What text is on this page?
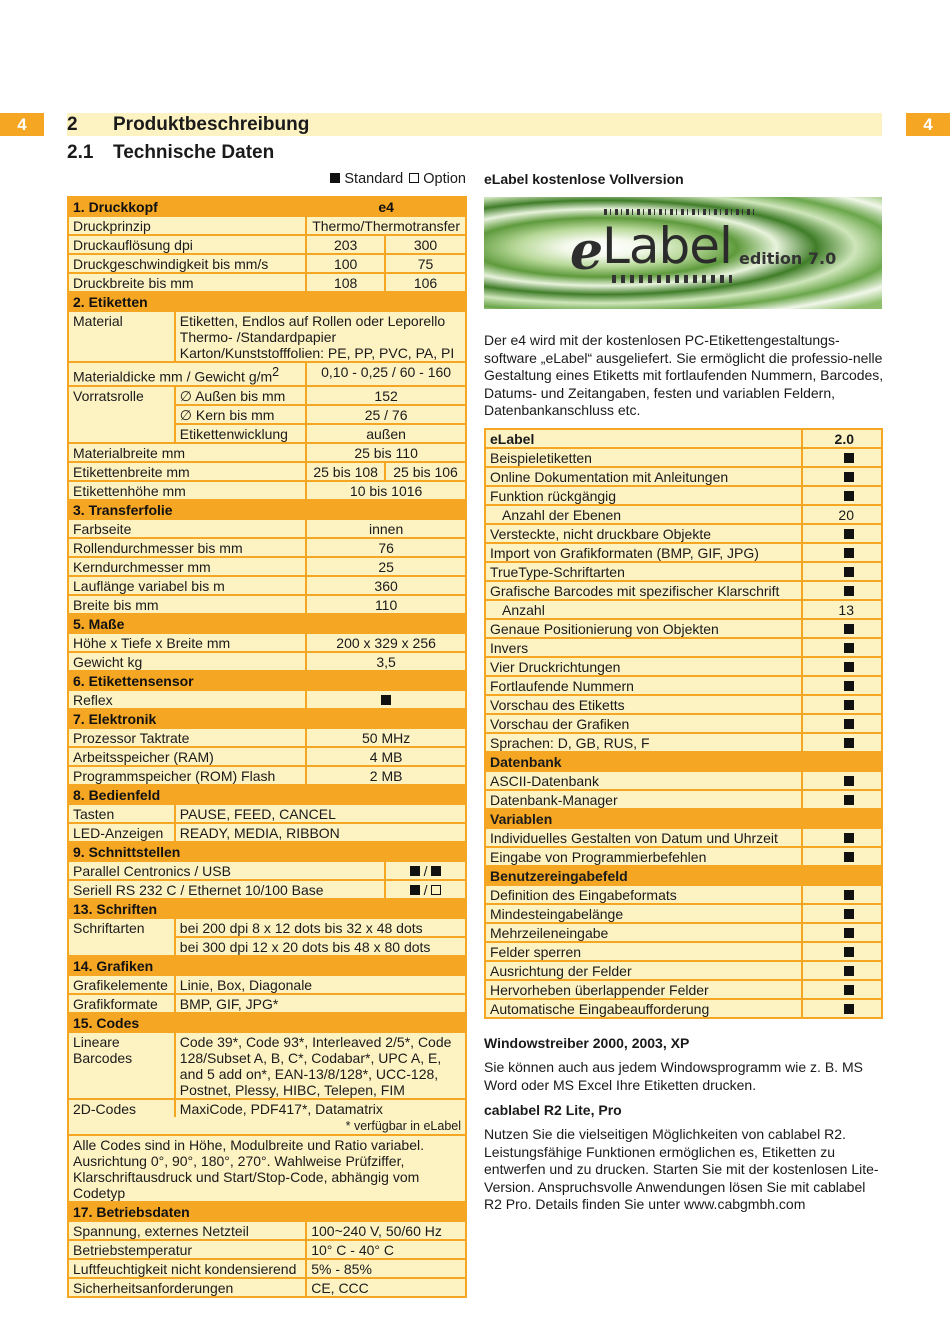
4	4
2 Produktbeschreibung
2.1 Technische Daten
Standard Option
1. Druckkopf		e4	
Druckprinzip		Thermo/Thermotransfer	
Druckauflösung dpi		203	300
Druckgeschwindigkeit bis mm/s		100	75
Druckbreite bis mm		108	106
2. Etiketten			
Material	Etiketten, Endlos auf Rollen oder Leporello
Thermo- /Standardpapier
Karton/Kunststofffolien: PE, PP, PVC, PA, PI		

Materialdicke mm / Gewicht $g/m^2$		0,10 - 0,25 / 60 - 160	
Vorratsrolle	∅ Außen bis mm	152	
	∅ Kern bis mm	25 / 76	
	Etikettenwicklung	außen	
Materialbreite mm		25 bis 110	
Etikettenbreite mm		25 bis 108	25 bis 106
Etikettenhöhe mm		10 bis 1016	
3. Transferfolie			
Farbseite		innen	
Rollendurchmesser bis mm		76	
Kerndurchmesser mm		25	
Lauflänge variabel bis m		360	
Breite bis mm		110	
5. Maße			
Höhe x Tiefe x Breite mm		200 x 329 x 256	
Gewicht kg		3,5	
6. Etikettensensor			
Reflex			
7. Elektronik			
Prozessor Taktrate		50 MHz	
Arbeitsspeicher (RAM)		4 MB	
Programmspeicher (ROM) Flash		2 MB	
8. Bedienfeld			
Tasten	PAUSE, FEED, CANCEL		
LED-Anzeigen	READY, MEDIA, RIBBON		
9. Schnittstellen			
Parallel Centronics / USB			/
Seriell RS 232 C / Ethernet 10/100 Base			/
13. Schriften			
Schriftarten	bei 200 dpi 8 x 12 dots bis 32 x 48 dots		
	bei 300 dpi 12 x 20 dots bis 48 x 80 dots		
14. Grafiken			
Grafikelemente	Linie, Box, Diagonale		
Grafikformate	BMP, GIF, JPG*		
15. Codes			
Lineare Barcodes	Code 39*, Code 93*, Interleaved 2/5*, Code 128/Subset A, B, C*, Codabar*, UPC A, E, and 5 add on*, EAN-13/8/128*, UCC-128, Postnet, Plessy, HIBC, Telepen, FIM		
2D-Codes	MaxiCode, PDF417*, Datamatrix		
* verfügbar in eLabel			
Alle Codes sind in Höhe, Modulbreite und Ratio variabel. Ausrichtung 0°, 90°, 180°, 270°. Wahlweise Prüfziffer, Klarschriftausdruck und Start/Stop-Code, abhängig vom Codetyp			
17. Betriebsdaten			
Spannung, externes Netzteil		100~240 V, 50/60 Hz	
Betriebstemperatur		10° C - 40° C	
Luftfeuchtigkeit nicht kondensierend		5% - 85%	
Sicherheitsanforderungen		CE, CCC	
eLabel kostenlose Vollversion
e
Label edition 7.0
Der e4 wird mit der kostenlosen PC-Etikettengestaltungs-software „eLabel“ ausgeliefert. Sie ermöglicht die professio-nelle Gestaltung eines Etiketts mit fortlaufenden Nummern, Barcodes, Datums- und Zeitangaben, festen und variablen Feldern, Datenbankanschluss etc.
eLabel	2.0
Beispieletiketten	
Online Dokumentation mit Anleitungen	
Funktion rückgängig	
Anzahl der Ebenen	20
Versteckte, nicht druckbare Objekte	
Import von Grafikformaten (BMP, GIF, JPG)	
TrueType-Schriftarten	
Grafische Barcodes mit spezifischer Klarschrift	
Anzahl	13
Genaue Positionierung von Objekten	
Invers	
Vier Druckrichtungen	
Fortlaufende Nummern	
Vorschau des Etiketts	
Vorschau der Grafiken	
Sprachen: D, GB, RUS, F	
Datenbank	
ASCII-Datenbank	
Datenbank-Manager	
Variablen	
Individuelles Gestalten von Datum und Uhrzeit	
Eingabe von Programmierbefehlen	
Benutzereingabefeld	
Definition des Eingabeformats	
Mindesteingabelänge	
Mehrzeileneingabe	
Felder sperren	
Ausrichtung der Felder	
Hervorheben überlappender Felder	
Automatische Eingabeaufforderung	
Windowstreiber 2000, 2003, XP
Sie können auch aus jedem Windowsprogramm wie z. B. MS Word oder MS Excel Ihre Etiketten drucken.
cablabel R2 Lite, Pro
Nutzen Sie die vielseitigen Möglichkeiten von cablabel R2. Leistungsfähige Funktionen ermöglichen es, Etiketten zu entwerfen und zu drucken. Starten Sie mit der kostenlosen Lite-Version. Anspruchsvolle Anwendungen lösen Sie mit cablabel R2 Pro. Details finden Sie unter www.cabgmbh.com
